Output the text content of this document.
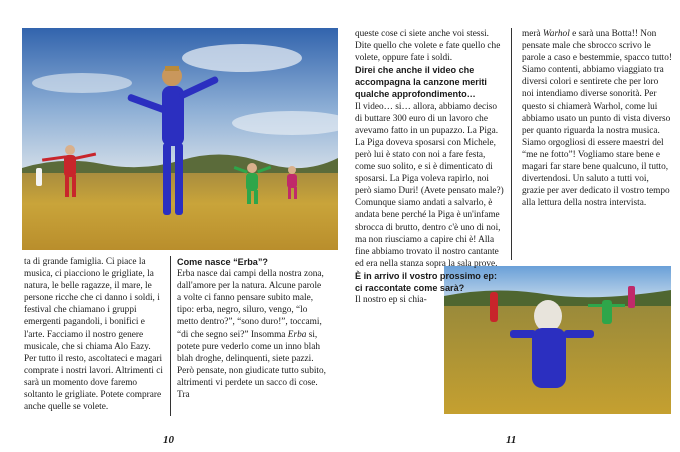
ta di grande famiglia. Ci piace la musica, ci piacciono le grigliate, la natura, le belle ragazze, il mare, le persone ricche che ci danno i soldi, i festival che chiamano i gruppi emergenti pagandoli, i bonifici e l'arte. Facciamo il nostro genere musicale, che si chiama Alo Eazy. Per tutto il resto, ascoltateci e magari comprate i nostri lavori. Altrimenti ci sarà un momento dove faremo soltanto le grigliate. Potete comprare anche quelle se volete.

Come nasce “Erba”?

Erba nasce dai campi della nostra zona, dall'amore per la natura. Alcune parole a volte ci fanno pensare subito male, tipo: erba, negro, siluro, vengo, “lo metto dentro?”, “sono duro!”, toccami, “di che segno sei?” Insomma Erba si, potete pure vederlo come un inno blah blah droghe, delinquenti, siete pazzi. Però pensate, non giudicate tutto subito, altrimenti vi perdete un sacco di cose. Tra

10

queste cose ci siete anche voi stessi. Dite quello che volete e fate quello che volete, oppure fate i soldi.

Direi che anche il video che accompagna la canzone meriti qualche approfondimento…

Il video… si… allora, abbiamo deciso di buttare 300 euro di un lavoro che avevamo fatto in un pupazzo. La Piga. La Piga doveva sposarsi con Michele, però lui è stato con noi a fare festa, come suo solito, e si è dimenticato di sposarsi. La Piga voleva rapirlo, noi però siamo Duri! (Avete pensato male?) Comunque siamo andati a salvarlo, è andata bene perché la Piga è un'infame sbrocca di brutto, dentro c'è uno di noi, ma non riusciamo a capire chi è! Alla fine abbiamo trovato il nostro cantante ed era nella stanza sopra la sala prove.

È in arrivo il vostro prossimo ep: ci raccontate come sarà?

Il nostro ep si chia-

merà Warhol e sarà una Botta!! Non pensate male che sbrocco scrivo le parole a caso e bestemmie, spacco tutto! Siamo contenti, abbiamo viaggiato tra diversi colori e sentirete che per loro noi intendiamo diverse sonorità. Per questo si chiamerà Warhol, come lui abbiamo usato un punto di vista diverso per quanto riguarda la nostra musica. Siamo orgogliosi di essere maestri del “me ne fotto”! Vogliamo stare bene e magari far stare bene qualcuno, il tutto, divertendosi. Un saluto a tutti voi, grazie per aver dedicato il vostro tempo alla lettura della nostra intervista.

11
